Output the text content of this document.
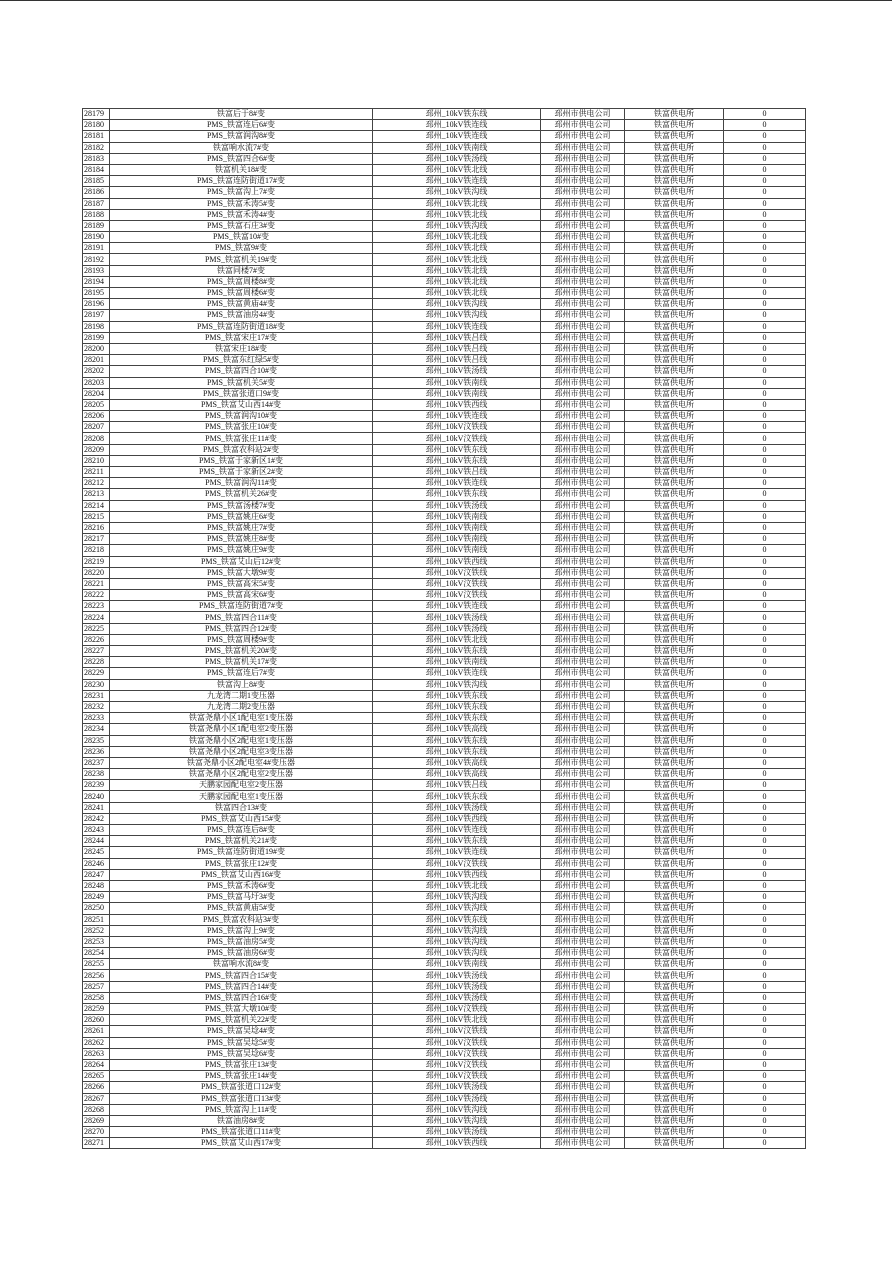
28179	铁富后于8#变	邳州_10kV铁东线	邳州市供电公司	铁富供电所	0
28180	PMS_铁富连后6#变	邳州_10kV铁连线	邳州市供电公司	铁富供电所	0
28181	PMS_铁富润沟8#变	邳州_10kV铁连线	邳州市供电公司	铁富供电所	0
28182	铁富响水流7#变	邳州_10kV铁南线	邳州市供电公司	铁富供电所	0
28183	PMS_铁富四合6#变	邳州_10kV铁汤线	邳州市供电公司	铁富供电所	0
28184	铁富机关18#变	邳州_10kV铁北线	邳州市供电公司	铁富供电所	0
28185	PMS_铁富连防街道17#变	邳州_10kV铁连线	邳州市供电公司	铁富供电所	0
28186	PMS_铁富沟上7#变	邳州_10kV铁沟线	邳州市供电公司	铁富供电所	0
28187	PMS_铁富禾涛5#变	邳州_10kV铁北线	邳州市供电公司	铁富供电所	0
28188	PMS_铁富禾涛4#变	邳州_10kV铁北线	邳州市供电公司	铁富供电所	0
28189	PMS_铁富石庄3#变	邳州_10kV铁沟线	邳州市供电公司	铁富供电所	0
28190	PMS_铁富10#变	邳州_10kV铁北线	邳州市供电公司	铁富供电所	0
28191	PMS_铁富9#变	邳州_10kV铁北线	邳州市供电公司	铁富供电所	0
28192	PMS_铁富机关19#变	邳州_10kV铁北线	邳州市供电公司	铁富供电所	0
28193	铁富同楼7#变	邳州_10kV铁北线	邳州市供电公司	铁富供电所	0
28194	PMS_铁富周楼8#变	邳州_10kV铁北线	邳州市供电公司	铁富供电所	0
28195	PMS_铁富周楼6#变	邳州_10kV铁北线	邳州市供电公司	铁富供电所	0
28196	PMS_铁富黄庙4#变	邳州_10kV铁沟线	邳州市供电公司	铁富供电所	0
28197	PMS_铁富油房4#变	邳州_10kV铁沟线	邳州市供电公司	铁富供电所	0
28198	PMS_铁富连防街道18#变	邳州_10kV铁连线	邳州市供电公司	铁富供电所	0
28199	PMS_铁富宋庄17#变	邳州_10kV铁吕线	邳州市供电公司	铁富供电所	0
28200	铁富宋庄18#变	邳州_10kV铁吕线	邳州市供电公司	铁富供电所	0
28201	PMS_铁富东红绿5#变	邳州_10kV铁吕线	邳州市供电公司	铁富供电所	0
28202	PMS_铁富四合10#变	邳州_10kV铁汤线	邳州市供电公司	铁富供电所	0
28203	PMS_铁富机关5#变	邳州_10kV铁南线	邳州市供电公司	铁富供电所	0
28204	PMS_铁富张道口9#变	邳州_10kV铁南线	邳州市供电公司	铁富供电所	0
28205	PMS_铁富艾山西14#变	邳州_10kV铁西线	邳州市供电公司	铁富供电所	0
28206	PMS_铁富润沟10#变	邳州_10kV铁连线	邳州市供电公司	铁富供电所	0
28207	PMS_铁富张庄10#变	邳州_10kV汶铁线	邳州市供电公司	铁富供电所	0
28208	PMS_铁富张庄11#变	邳州_10kV汶铁线	邳州市供电公司	铁富供电所	0
28209	PMS_铁富农科站2#变	邳州_10kV铁东线	邳州市供电公司	铁富供电所	0
28210	PMS_铁富于家新区1#变	邳州_10kV铁东线	邳州市供电公司	铁富供电所	0
28211	PMS_铁富于家新区2#变	邳州_10kV铁吕线	邳州市供电公司	铁富供电所	0
28212	PMS_铁富润沟11#变	邳州_10kV铁连线	邳州市供电公司	铁富供电所	0
28213	PMS_铁富机关26#变	邳州_10kV铁东线	邳州市供电公司	铁富供电所	0
28214	PMS_铁富汤楼7#变	邳州_10kV铁汤线	邳州市供电公司	铁富供电所	0
28215	PMS_铁富姚庄6#变	邳州_10kV铁南线	邳州市供电公司	铁富供电所	0
28216	PMS_铁富姚庄7#变	邳州_10kV铁南线	邳州市供电公司	铁富供电所	0
28217	PMS_铁富姚庄8#变	邳州_10kV铁南线	邳州市供电公司	铁富供电所	0
28218	PMS_铁富姚庄9#变	邳州_10kV铁南线	邳州市供电公司	铁富供电所	0
28219	PMS_铁富艾山后12#变	邳州_10kV铁西线	邳州市供电公司	铁富供电所	0
28220	PMS_铁富大墩9#变	邳州_10kV汶铁线	邳州市供电公司	铁富供电所	0
28221	PMS_铁富高宋5#变	邳州_10kV汶铁线	邳州市供电公司	铁富供电所	0
28222	PMS_铁富高宋6#变	邳州_10kV汶铁线	邳州市供电公司	铁富供电所	0
28223	PMS_铁富连防街道7#变	邳州_10kV铁连线	邳州市供电公司	铁富供电所	0
28224	PMS_铁富四合11#变	邳州_10kV铁汤线	邳州市供电公司	铁富供电所	0
28225	PMS_铁富四合12#变	邳州_10kV铁汤线	邳州市供电公司	铁富供电所	0
28226	PMS_铁富周楼9#变	邳州_10kV铁北线	邳州市供电公司	铁富供电所	0
28227	PMS_铁富机关20#变	邳州_10kV铁东线	邳州市供电公司	铁富供电所	0
28228	PMS_铁富机关17#变	邳州_10kV铁南线	邳州市供电公司	铁富供电所	0
28229	PMS_铁富连后7#变	邳州_10kV铁连线	邳州市供电公司	铁富供电所	0
28230	铁富沟上8#变	邳州_10kV铁沟线	邳州市供电公司	铁富供电所	0
28231	九龙湾二期1变压器	邳州_10kV铁东线	邳州市供电公司	铁富供电所	0
28232	九龙湾二期2变压器	邳州_10kV铁东线	邳州市供电公司	铁富供电所	0
28233	铁富尧鼎小区1配电室1变压器	邳州_10kV铁东线	邳州市供电公司	铁富供电所	0
28234	铁富尧鼎小区1配电室2变压器	邳州_10kV铁高线	邳州市供电公司	铁富供电所	0
28235	铁富尧鼎小区2配电室1变压器	邳州_10kV铁东线	邳州市供电公司	铁富供电所	0
28236	铁富尧鼎小区2配电室3变压器	邳州_10kV铁东线	邳州市供电公司	铁富供电所	0
28237	铁富尧鼎小区2配电室4#变压器	邳州_10kV铁高线	邳州市供电公司	铁富供电所	0
28238	铁富尧鼎小区2配电室2变压器	邳州_10kV铁高线	邳州市供电公司	铁富供电所	0
28239	天鹏家园配电室2变压器	邳州_10kV铁吕线	邳州市供电公司	铁富供电所	0
28240	天鹏家园配电室1变压器	邳州_10kV铁东线	邳州市供电公司	铁富供电所	0
28241	铁富四合13#变	邳州_10kV铁汤线	邳州市供电公司	铁富供电所	0
28242	PMS_铁富艾山西15#变	邳州_10kV铁西线	邳州市供电公司	铁富供电所	0
28243	PMS_铁富连后8#变	邳州_10kV铁连线	邳州市供电公司	铁富供电所	0
28244	PMS_铁富机关21#变	邳州_10kV铁东线	邳州市供电公司	铁富供电所	0
28245	PMS_铁富连防街道19#变	邳州_10kV铁连线	邳州市供电公司	铁富供电所	0
28246	PMS_铁富张庄12#变	邳州_10kV汶铁线	邳州市供电公司	铁富供电所	0
28247	PMS_铁富艾山西16#变	邳州_10kV铁西线	邳州市供电公司	铁富供电所	0
28248	PMS_铁富禾涛6#变	邳州_10kV铁北线	邳州市供电公司	铁富供电所	0
28249	PMS_铁富马圩3#变	邳州_10kV铁沟线	邳州市供电公司	铁富供电所	0
28250	PMS_铁富黄庙5#变	邳州_10kV铁沟线	邳州市供电公司	铁富供电所	0
28251	PMS_铁富农科站3#变	邳州_10kV铁东线	邳州市供电公司	铁富供电所	0
28252	PMS_铁富沟上9#变	邳州_10kV铁沟线	邳州市供电公司	铁富供电所	0
28253	PMS_铁富油房5#变	邳州_10kV铁沟线	邳州市供电公司	铁富供电所	0
28254	PMS_铁富油房6#变	邳州_10kV铁沟线	邳州市供电公司	铁富供电所	0
28255	铁富响水流8#变	邳州_10kV铁南线	邳州市供电公司	铁富供电所	0
28256	PMS_铁富四合15#变	邳州_10kV铁汤线	邳州市供电公司	铁富供电所	0
28257	PMS_铁富四合14#变	邳州_10kV铁汤线	邳州市供电公司	铁富供电所	0
28258	PMS_铁富四合16#变	邳州_10kV铁汤线	邳州市供电公司	铁富供电所	0
28259	PMS_铁富大墩10#变	邳州_10kV汶铁线	邳州市供电公司	铁富供电所	0
28260	PMS_铁富机关22#变	邳州_10kV铁北线	邳州市供电公司	铁富供电所	0
28261	PMS_铁富吴埝4#变	邳州_10kV汶铁线	邳州市供电公司	铁富供电所	0
28262	PMS_铁富吴埝5#变	邳州_10kV汶铁线	邳州市供电公司	铁富供电所	0
28263	PMS_铁富吴埝6#变	邳州_10kV汶铁线	邳州市供电公司	铁富供电所	0
28264	PMS_铁富张庄13#变	邳州_10kV汶铁线	邳州市供电公司	铁富供电所	0
28265	PMS_铁富张庄14#变	邳州_10kV汶铁线	邳州市供电公司	铁富供电所	0
28266	PMS_铁富张道口12#变	邳州_10kV铁汤线	邳州市供电公司	铁富供电所	0
28267	PMS_铁富张道口13#变	邳州_10kV铁汤线	邳州市供电公司	铁富供电所	0
28268	PMS_铁富沟上11#变	邳州_10kV铁沟线	邳州市供电公司	铁富供电所	0
28269	铁富油房8#变	邳州_10kV铁沟线	邳州市供电公司	铁富供电所	0
28270	PMS_铁富张道口11#变	邳州_10kV铁汤线	邳州市供电公司	铁富供电所	0
28271	PMS_铁富艾山西17#变	邳州_10kV铁西线	邳州市供电公司	铁富供电所	0
